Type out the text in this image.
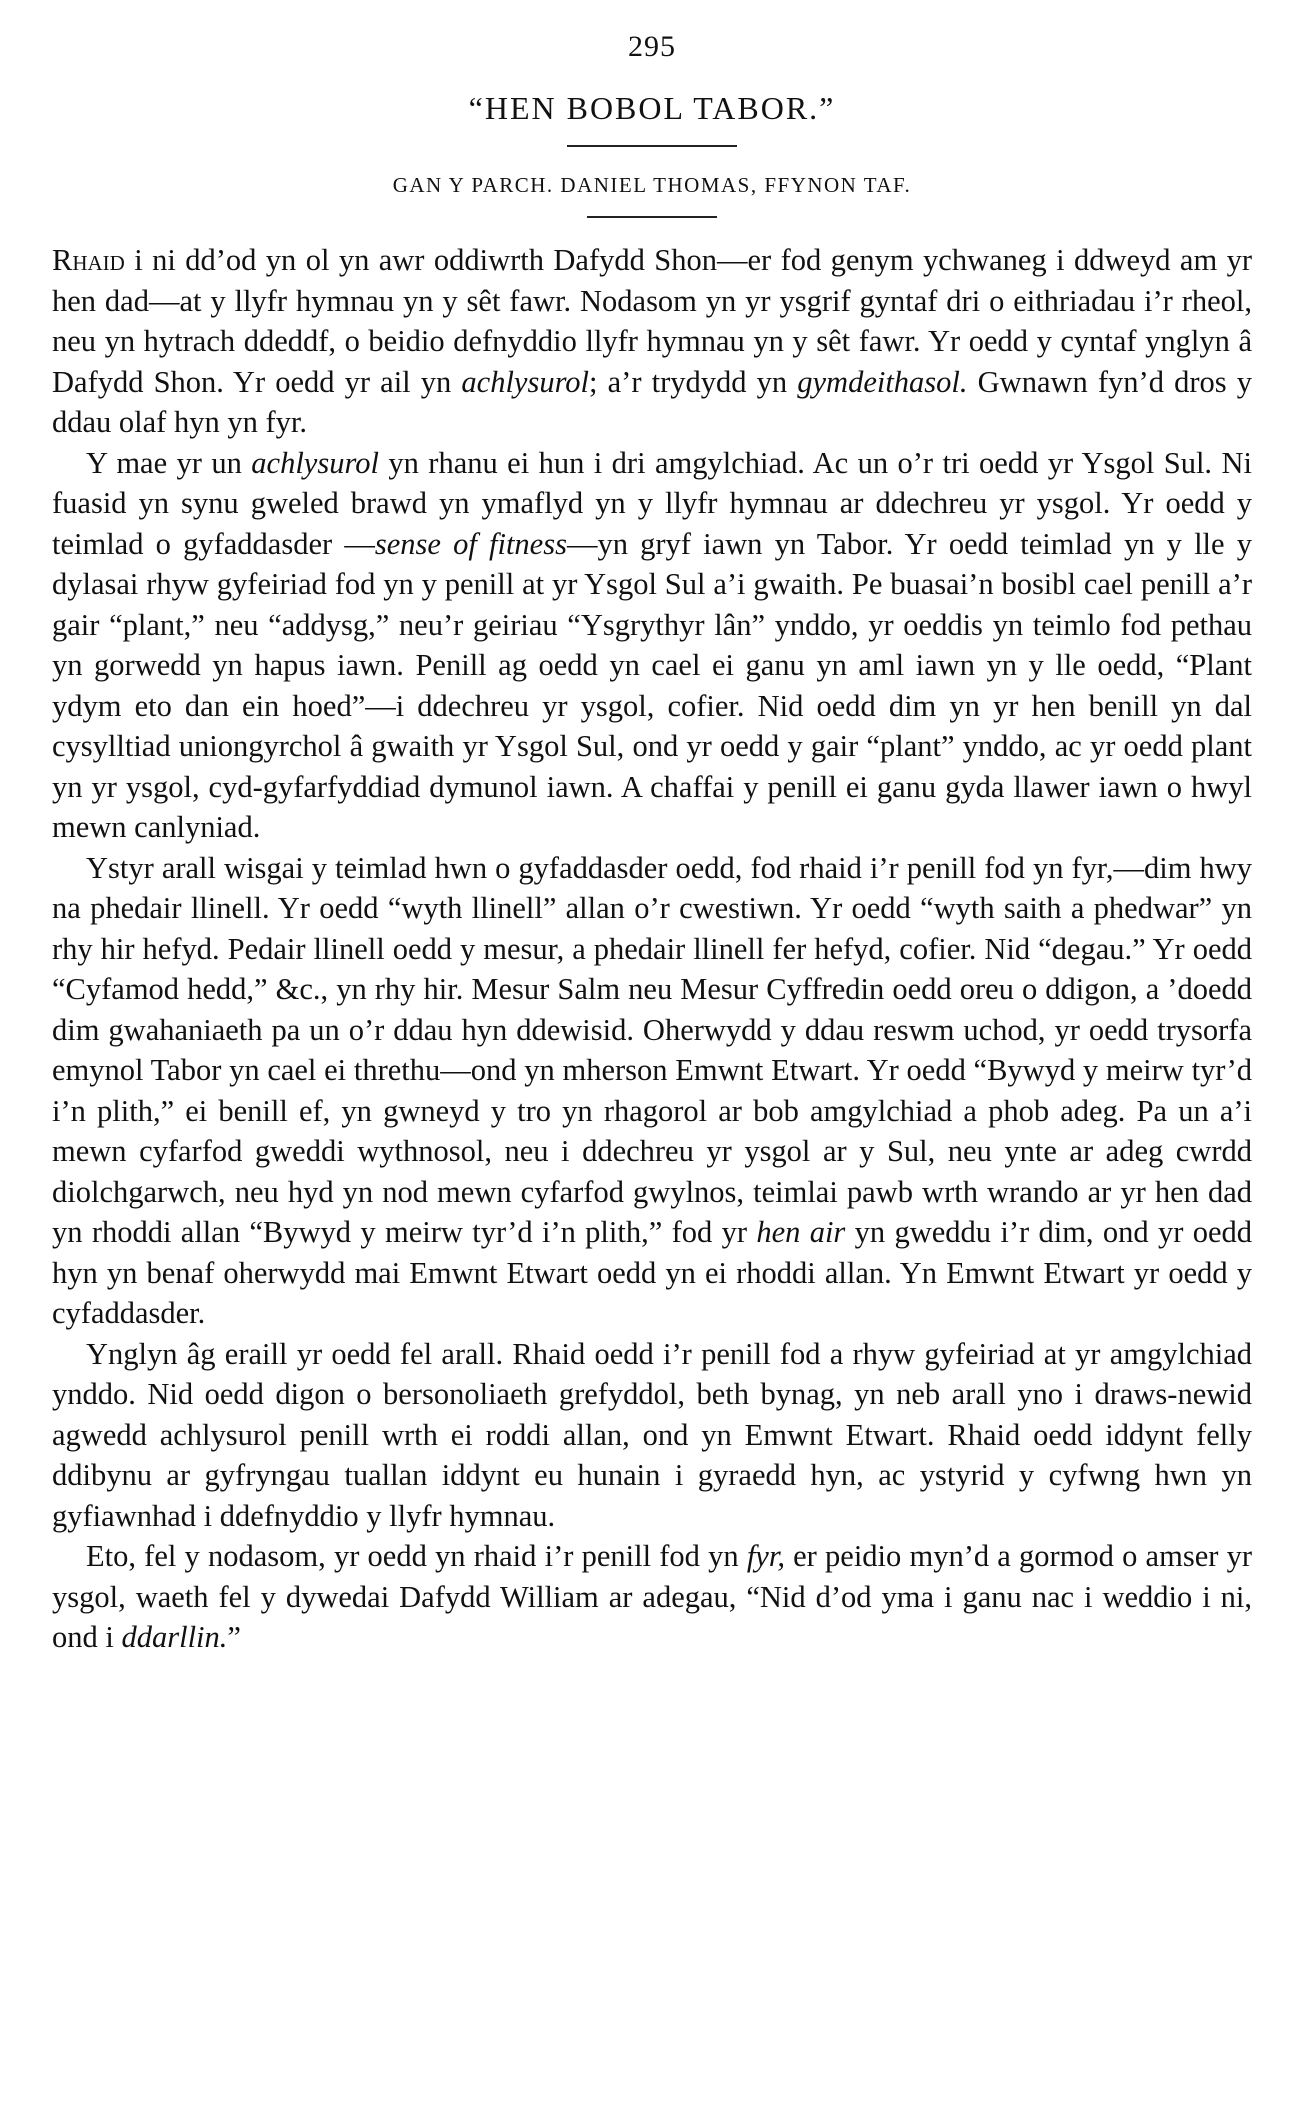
295
“HEN BOBOL TABOR.”
GAN Y PARCH. DANIEL THOMAS, FFYNON TAF.

Rhaid i ni dd’od yn ol yn awr oddiwrth Dafydd Shon—er fod genym ychwaneg i ddweyd am yr hen dad—at y llyfr hymnau yn y sêt fawr. Nodasom yn yr ysgrif gyntaf dri o eithriadau i’r rheol, neu yn hytrach ddeddf, o beidio defnyddio llyfr hymnau yn y sêt fawr. Yr oedd y cyntaf ynglyn â Dafydd Shon. Yr oedd yr ail yn achlysurol; a’r trydydd yn gymdeithasol. Gwnawn fyn’d dros y ddau olaf hyn yn fyr.

Y mae yr un achlysurol yn rhanu ei hun i dri amgylchiad. Ac un o’r tri oedd yr Ysgol Sul. Ni fuasid yn synu gweled brawd yn ymaflyd yn y llyfr hymnau ar ddechreu yr ysgol. Yr oedd y teimlad o gyfaddasder —sense of fitness—yn gryf iawn yn Tabor. Yr oedd teimlad yn y lle y dylasai rhyw gyfeiriad fod yn y penill at yr Ysgol Sul a’i gwaith. Pe buasai’n bosibl cael penill a’r gair “plant,” neu “addysg,” neu’r geiriau “Ysgrythyr lân” ynddo, yr oeddis yn teimlo fod pethau yn gorwedd yn hapus iawn. Penill ag oedd yn cael ei ganu yn aml iawn yn y lle oedd, “Plant ydym eto dan ein hoed”—i ddechreu yr ysgol, cofier. Nid oedd dim yn yr hen benill yn dal cysylltiad uniongyrchol â gwaith yr Ysgol Sul, ond yr oedd y gair “plant” ynddo, ac yr oedd plant yn yr ysgol, cyd-gyfarfyddiad dymunol iawn. A chaffai y penill ei ganu gyda llawer iawn o hwyl mewn canlyniad.

Ystyr arall wisgai y teimlad hwn o gyfaddasder oedd, fod rhaid i’r penill fod yn fyr,—dim hwy na phedair llinell. Yr oedd “wyth llinell” allan o’r cwestiwn. Yr oedd “wyth saith a phedwar” yn rhy hir hefyd. Pedair llinell oedd y mesur, a phedair llinell fer hefyd, cofier. Nid “degau.” Yr oedd “Cyfamod hedd,” &c., yn rhy hir. Mesur Salm neu Mesur Cyffredin oedd oreu o ddigon, a ’doedd dim gwahaniaeth pa un o’r ddau hyn ddewisid. Oherwydd y ddau reswm uchod, yr oedd trysorfa emynol Tabor yn cael ei threthu—ond yn mherson Emwnt Etwart. Yr oedd “Bywyd y meirw tyr’d i’n plith,” ei benill ef, yn gwneyd y tro yn rhagorol ar bob amgylchiad a phob adeg. Pa un a’i mewn cyfarfod gweddi wythnosol, neu i ddechreu yr ysgol ar y Sul, neu ynte ar adeg cwrdd diolchgarwch, neu hyd yn nod mewn cyfarfod gwylnos, teimlai pawb wrth wrando ar yr hen dad yn rhoddi allan “Bywyd y meirw tyr’d i’n plith,” fod yr hen air yn gweddu i’r dim, ond yr oedd hyn yn benaf oherwydd mai Emwnt Etwart oedd yn ei rhoddi allan. Yn Emwnt Etwart yr oedd y cyfaddasder.

Ynglyn âg eraill yr oedd fel arall. Rhaid oedd i’r penill fod a rhyw gyfeiriad at yr amgylchiad ynddo. Nid oedd digon o bersonoliaeth grefyddol, beth bynag, yn neb arall yno i draws-newid agwedd achlysurol penill wrth ei roddi allan, ond yn Emwnt Etwart. Rhaid oedd iddynt felly ddibynu ar gyfryngau tuallan iddynt eu hunain i gyraedd hyn, ac ystyrid y cyfwng hwn yn gyfiawnhad i ddefnyddio y llyfr hymnau.

Eto, fel y nodasom, yr oedd yn rhaid i’r penill fod yn fyr, er peidio myn’d a gormod o amser yr ysgol, waeth fel y dywedai Dafydd William ar adegau, “Nid d’od yma i ganu nac i weddio i ni, ond i ddarllin.”
